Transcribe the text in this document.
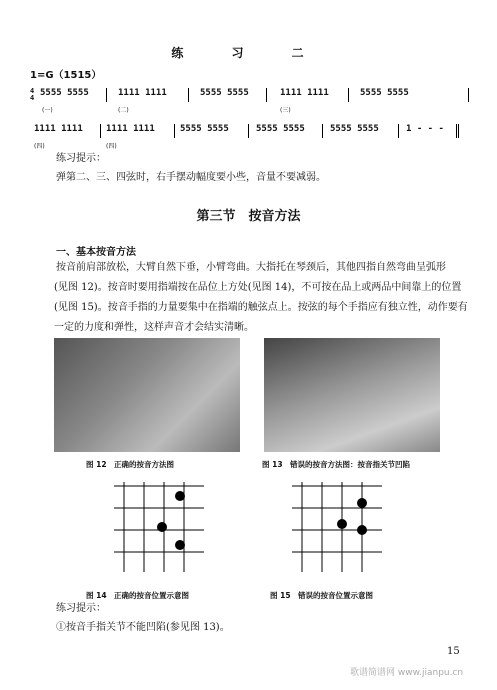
练 习 二
1=G（1515）
4
4 5555 5555	1111 1111	5555 5555	1111 1111	5555 5555
(一)	(二)	(三)
1111 1111	1111 1111	5555 5555	5555 5555	5555 5555	1 - - -
(四)	(四)
练习提示：
弹第二、三、四弦时，右手摆动幅度要小些，音量不要减弱。
第三节　按音方法
一、基本按音方法
按音前肩部放松，大臂自然下垂，小臂弯曲。大指托在琴颈后，其他四指自然弯曲呈弧形
(见图 12)。按音时要用指端按在品位上方处(见图 14)，不可按在品上或两品中间靠上的位置
(见图 15)。按音手指的力量要集中在指端的触弦点上。按弦的每个手指应有独立性，动作要有
一定的力度和弹性，这样声音才会结实清晰。
图 12　正确的按音方法图	图 13　错误的按音方法图：按音指关节凹陷
图 14　正确的按音位置示意图	图 15　错误的按音位置示意图
练习提示：
①按音手指关节不能凹陷(参见图 13)。
15
歌谱简谱网 www.jianpu.cn
